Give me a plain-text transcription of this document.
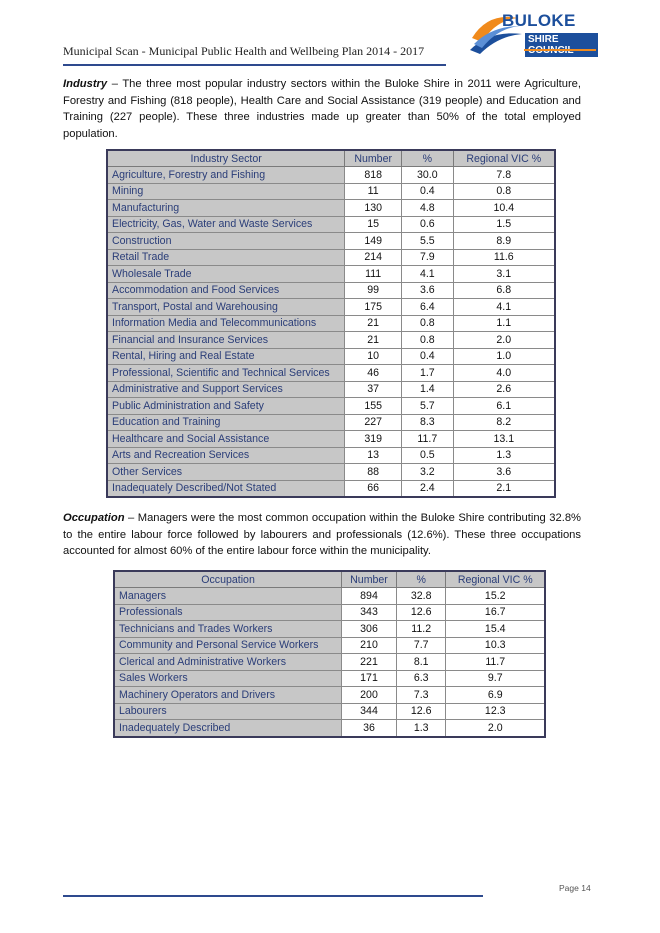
Municipal Scan - Municipal Public Health and Wellbeing Plan 2014 - 2017
BULOKE
SHIRE
Industry – The three most popular industry sectors within the Buloke Shire in 2011 were Agriculture, Forestry and Fishing (818 people), Health Care and Social Assistance (319 people) and Education and Training (227 people). These three industries made up greater than 50% of the total employed population.
Industry Sector	Number	%	Regional VIC %
Agriculture, Forestry and Fishing	818	30.0	7.8
Mining	11	0.4	0.8
Manufacturing	130	4.8	10.4
Electricity, Gas, Water and Waste Services	15	0.6	1.5
Construction	149	5.5	8.9
Retail Trade	214	7.9	11.6
Wholesale Trade	111	4.1	3.1
Accommodation and Food Services	99	3.6	6.8
Transport, Postal and Warehousing	175	6.4	4.1
Information Media and Telecommunications	21	0.8	1.1
Financial and Insurance Services	21	0.8	2.0
Rental, Hiring and Real Estate	10	0.4	1.0
Professional, Scientific and Technical Services	46	1.7	4.0
Administrative and Support Services	37	1.4	2.6
Public Administration and Safety	155	5.7	6.1
Education and Training	227	8.3	8.2
Healthcare and Social Assistance	319	11.7	13.1
Arts and Recreation Services	13	0.5	1.3
Other Services	88	3.2	3.6
Inadequately Described/Not Stated	66	2.4	2.1
Occupation – Managers were the most common occupation within the Buloke Shire contributing 32.8% to the entire labour force followed by labourers and professionals (12.6%). These three occupations accounted for almost 60% of the entire labour force within the municipality.
Occupation	Number	%	Regional VIC %
Managers	894	32.8	15.2
Professionals	343	12.6	16.7
Technicians and Trades Workers	306	11.2	15.4
Community and Personal Service Workers	210	7.7	10.3
Clerical and Administrative Workers	221	8.1	11.7
Sales Workers	171	6.3	9.7
Machinery Operators and Drivers	200	7.3	6.9
Labourers	344	12.6	12.3
Inadequately Described	36	1.3	2.0
Page 14
